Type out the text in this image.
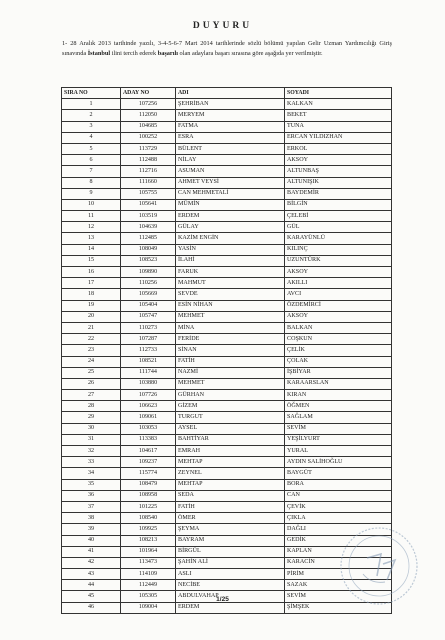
DUYURU
1- 28 Aralık 2013 tarihinde yazılı, 3-4-5-6-7 Mart 2014 tarihlerinde sözlü bölümü yapılan Gelir Uzman Yardımcılığı Giriş sınavında İstanbul ilini tercih ederek başarılı olan adaylara başarı sırasına göre aşağıda yer verilmiştir.
SIRA NO	ADAY NO	ADI	SOYADI
1	107256	ŞEHRİBAN	KALKAN
2	112050	MERYEM	BEKET
3	104685	FATMA	TUNA
4	100252	ESRA	ERCAN YILDIZHAN
5	113729	BÜLENT	ERKOL
6	112488	NİLAY	AKSOY
7	112716	ASUMAN	ALTUNBAŞ
8	111660	AHMET VEYSİ	ALTUNIŞIK
9	105755	CAN MEHMETALİ	BAYDEMİR
10	105641	MÜMİN	BİLGİN
11	103519	ERDEM	ÇELEBİ
12	104639	GÜLAY	GÜL
13	112485	KAZİM ENGİN	KARAYÜNLÜ
14	108049	YASİN	KILINÇ
15	108523	İLAHİ	UZUNTÜRK
16	109890	FARUK	AKSOY
17	110256	MAHMUT	AKILLI
18	105669	SEVDE	AVCI
19	105404	ESİN NİHAN	ÖZDEMİRCİ
20	105747	MEHMET	AKSOY
21	110273	MİNA	BALKAN
22	107287	FERİDE	COŞKUN
23	112733	SİNAN	ÇELİK
24	108521	FATİH	ÇOLAK
25	111744	NAZMİ	İŞBİYAR
26	103880	MEHMET	KARAARSLAN
27	107726	GÜRHAN	KIRAN
28	106623	GİZEM	ÖĞMEN
29	109061	TURGUT	SAĞLAM
30	103053	AYSEL	SEVİM
31	113383	BAHTİYAR	YEŞİLYURT
32	104617	EMRAH	YURAL
33	109237	MEHTAP	AYDIN SALİHOĞLU
34	115774	ZEYNEL	BAYGÜT
35	108479	MEHTAP	BORA
36	108958	SEDA	CAN
37	101225	FATİH	ÇEVİK
38	108540	ÖMER	ÇIKLA
39	109925	ŞEYMA	DAĞLI
40	108213	BAYRAM	GEDİK
41	101964	BİRGÜL	KAPLAN
42	113473	ŞAHİN ALİ	KARACİN
43	114109	ASLI	PİRİM
44	112449	NECİBE	SAZAK
45	105305	ABDULVAHAP	SEVİM
46	109004	ERDEM	ŞİMŞEK
1/25
